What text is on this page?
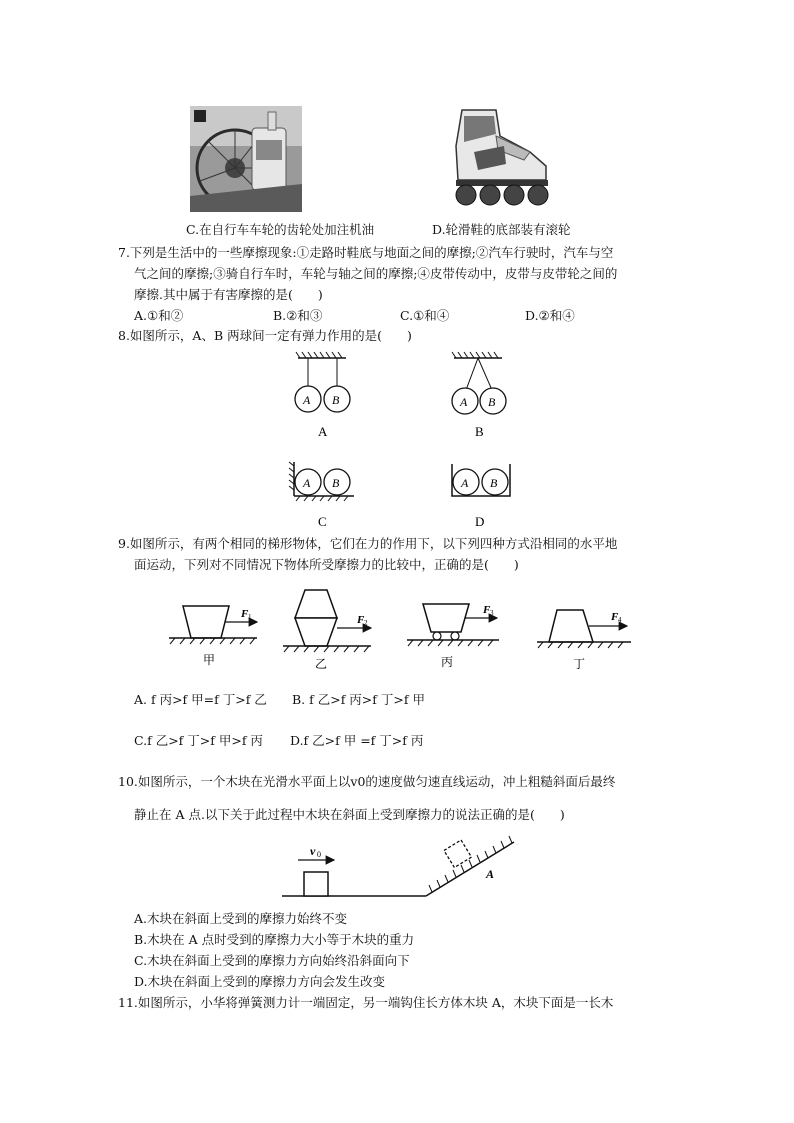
C.在自行车车轮的齿轮处加注机油	D.轮滑鞋的底部装有滚轮
7.下列是生活中的一些摩擦现象:①走路时鞋底与地面之间的摩擦;②汽车行驶时，汽车与空
气之间的摩擦;③骑自行车时，车轮与轴之间的摩擦;④皮带传动中，皮带与皮带轮之间的
摩擦.其中属于有害摩擦的是(　　)
A.①和②	B.②和③	C.①和④	D.②和④
8.如图所示，A、B 两球间一定有弹力作用的是(　　)
A B	A B
A B	A B
A	B
C	D
9.如图所示，有两个相同的梯形物体，它们在力的作用下，以下列四种方式沿相同的水平地
面运动，下列对不同情况下物体所受摩擦力的比较中，正确的是(　　)
F 1
甲
F 2
乙
F 3
丙
F 4
丁
A. f 丙>f 甲=f 丁>f 乙 B. f 乙>f 丙>f 丁>f 甲
C.f 乙>f 丁>f 甲>f 丙 D.f 乙>f 甲 =f 丁>f 丙
10.如图所示，一个木块在光滑水平面上以v0的速度做匀速直线运动，冲上粗糙斜面后最终
静止在 A 点.以下关于此过程中木块在斜面上受到摩擦力的说法正确的是(　　)
v 0
A
A.木块在斜面上受到的摩擦力始终不变
B.木块在 A 点时受到的摩擦力大小等于木块的重力
C.木块在斜面上受到的摩擦力方向始终沿斜面向下
D.木块在斜面上受到的摩擦力方向会发生改变
11.如图所示，小华将弹簧测力计一端固定，另一端钩住长方体木块 A，木块下面是一长木
